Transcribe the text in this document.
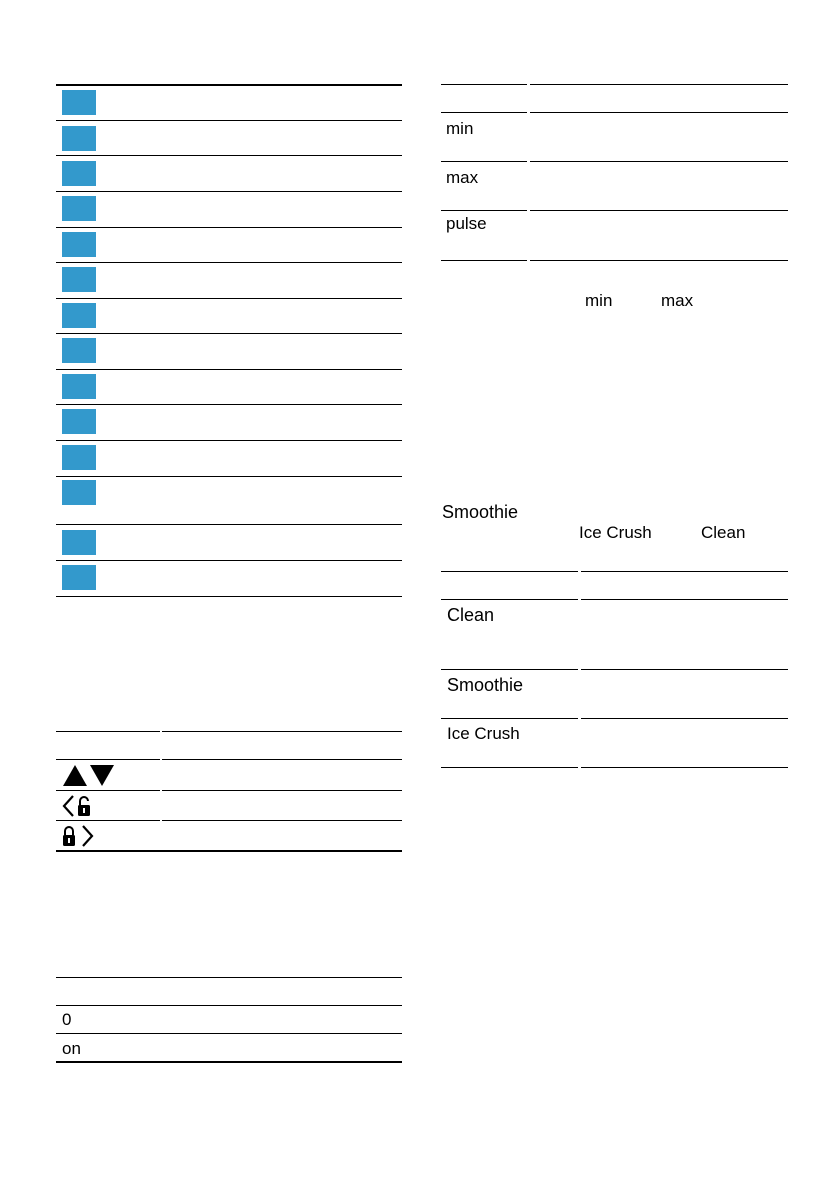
0
on
min
max
pulse
min	max
Smoothie
Ice Crush	Clean
Clean
Smoothie
Ice Crush
